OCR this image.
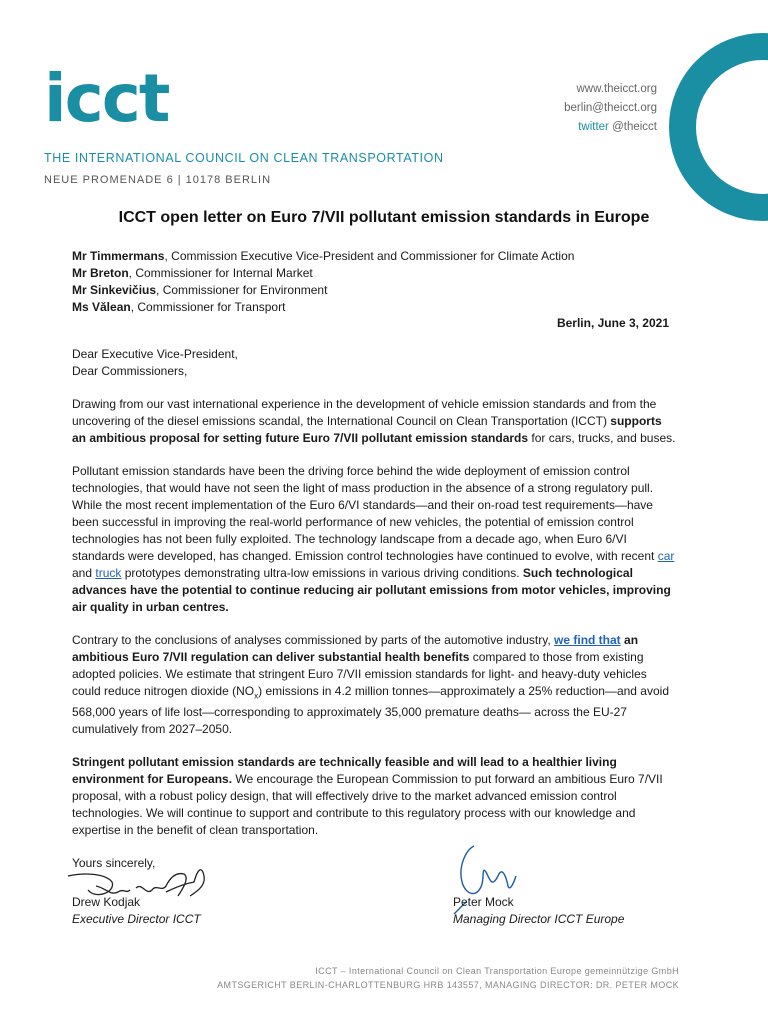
icct	www.theicct.org
berlin@theicct.org
twitter @theicct
THE INTERNATIONAL COUNCIL ON CLEAN TRANSPORTATION
NEUE PROMENADE 6 | 10178 BERLIN
ICCT open letter on Euro 7/VII pollutant emission standards in Europe
Mr Timmermans, Commission Executive Vice-President and Commissioner for Climate Action
Mr Breton, Commissioner for Internal Market
Mr Sinkevičius, Commissioner for Environment
Ms Vălean, Commissioner for Transport
Berlin, June 3, 2021

Dear Executive Vice-President,
Dear Commissioners,

Drawing from our vast international experience in the development of vehicle emission standards and from the uncovering of the diesel emissions scandal, the International Council on Clean Transportation (ICCT) supports an ambitious proposal for setting future Euro 7/VII pollutant emission standards for cars, trucks, and buses.

Pollutant emission standards have been the driving force behind the wide deployment of emission control technologies, that would have not seen the light of mass production in the absence of a strong regulatory pull. While the most recent implementation of the Euro 6/VI standards—and their on-road test requirements—have been successful in improving the real-world performance of new vehicles, the potential of emission control technologies has not been fully exploited. The technology landscape from a decade ago, when Euro 6/VI standards were developed, has changed. Emission control technologies have continued to evolve, with recent car and truck prototypes demonstrating ultra-low emissions in various driving conditions. Such technological advances have the potential to continue reducing air pollutant emissions from motor vehicles, improving air quality in urban centres.

Contrary to the conclusions of analyses commissioned by parts of the automotive industry, we find that an ambitious Euro 7/VII regulation can deliver substantial health benefits compared to those from existing adopted policies. We estimate that stringent Euro 7/VII emission standards for light- and heavy-duty vehicles could reduce nitrogen dioxide $(NO_x)$ emissions in 4.2 million tonnes—approximately a 25% reduction—and avoid 568,000 years of life lost—corresponding to approximately 35,000 premature deaths— across the EU-27 cumulatively from 2027–2050.

Stringent pollutant emission standards are technically feasible and will lead to a healthier living environment for Europeans. We encourage the European Commission to put forward an ambitious Euro 7/VII proposal, with a robust policy design, that will effectively drive to the market advanced emission control technologies. We will continue to support and contribute to this regulatory process with our knowledge and expertise in the benefit of clean transportation.

Yours sincerely,

Drew Kodjak
Executive Director ICCT
Peter Mock
Managing Director ICCT Europe
ICCT – International Council on Clean Transportation Europe gemeinnützige GmbH
AMTSGERICHT BERLIN-CHARLOTTENBURG HRB 143557, MANAGING DIRECTOR: DR. PETER MOCK
